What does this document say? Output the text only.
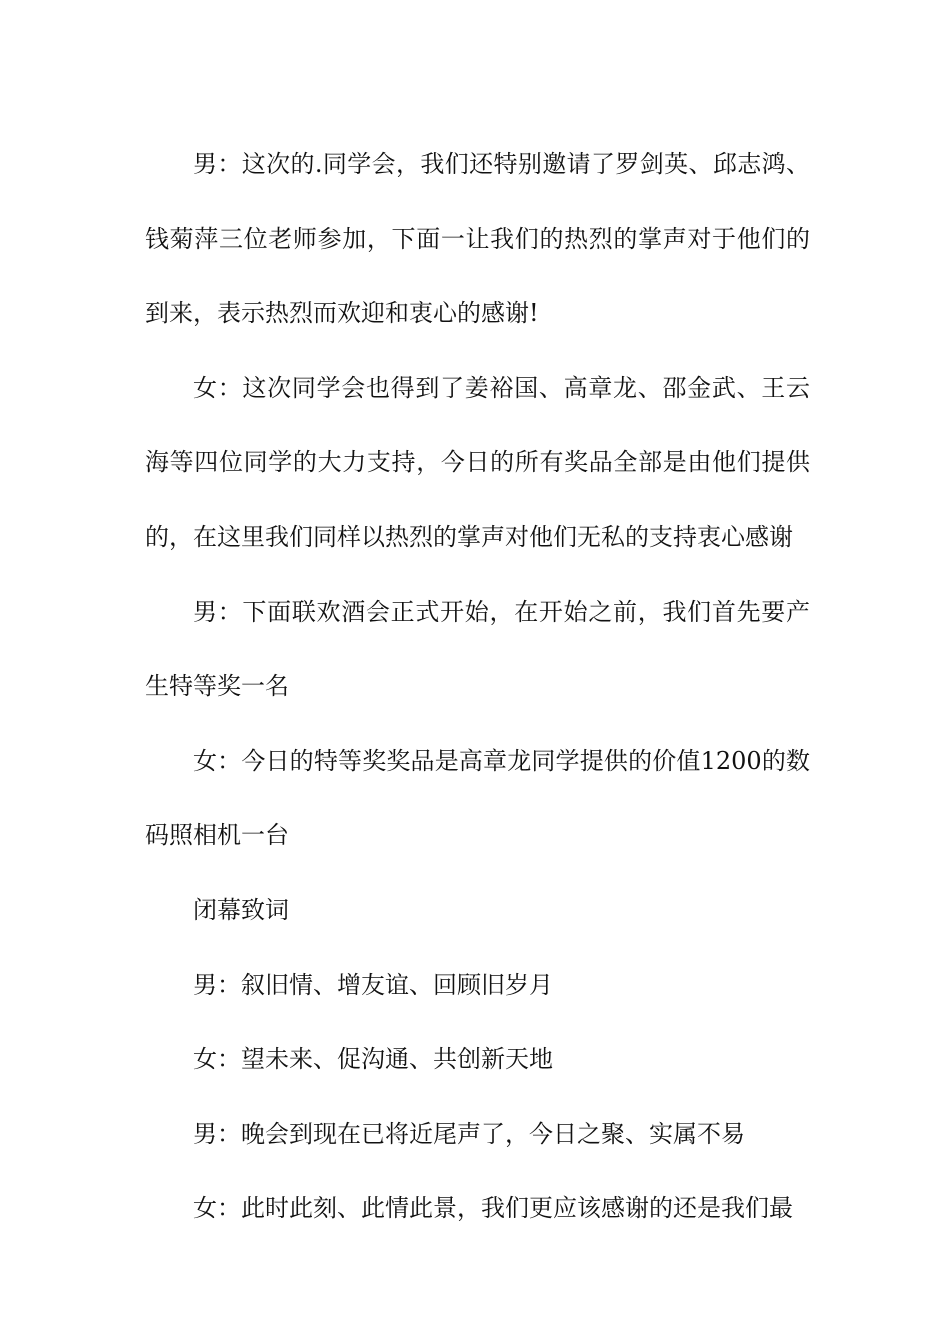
男：这次的.同学会，我们还特别邀请了罗剑英、邱志鸿、钱菊萍三位老师参加，下面一让我们的热烈的掌声对于他们的到来，表示热烈而欢迎和衷心的感谢!

女：这次同学会也得到了姜裕国、高章龙、邵金武、王云海等四位同学的大力支持，今日的所有奖品全部是由他们提供的，在这里我们同样以热烈的掌声对他们无私的支持衷心感谢

男：下面联欢酒会正式开始，在开始之前，我们首先要产生特等奖一名

女：今日的特等奖奖品是高章龙同学提供的价值1200的数码照相机一台

闭幕致词

男：叙旧情、增友谊、回顾旧岁月

女：望未来、促沟通、共创新天地

男：晚会到现在已将近尾声了，今日之聚、实属不易

女：此时此刻、此情此景，我们更应该感谢的还是我们最
